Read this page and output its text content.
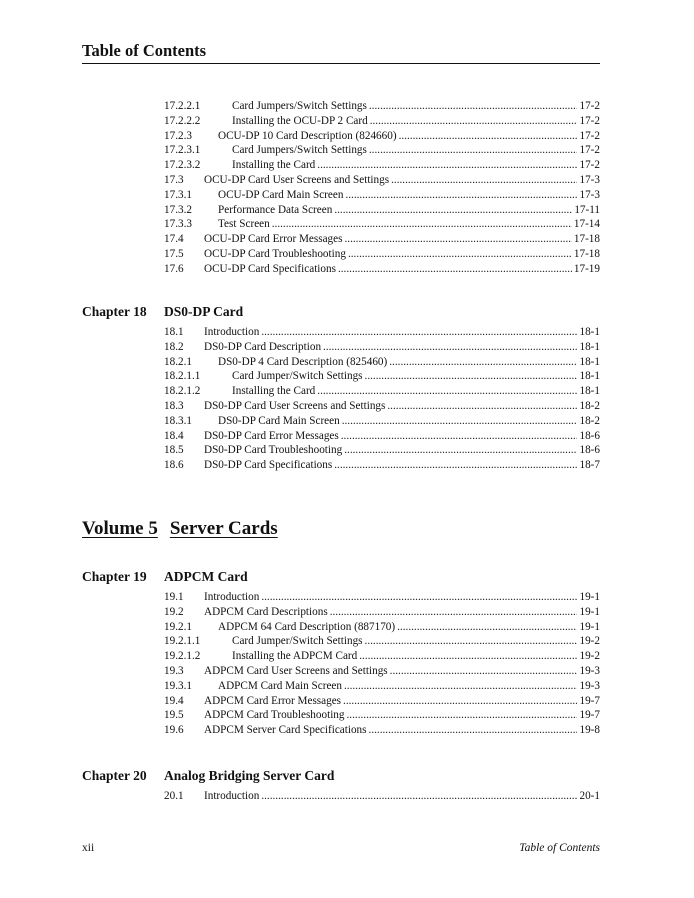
Table of Contents
17.2.2.1	Card Jumpers/Switch Settings .....	17-2
17.2.2.2	Installing the OCU-DP 2 Card .....	17-2
17.2.3	OCU-DP 10 Card Description (824660) .....	17-2
17.2.3.1	Card Jumpers/Switch Settings .....	17-2
17.2.3.2	Installing the Card .....	17-2
17.3	OCU-DP Card User Screens and Settings .....	17-3
17.3.1	OCU-DP Card Main Screen .....	17-3
17.3.2	Performance Data Screen .....	17-11
17.3.3	Test Screen .....	17-14
17.4	OCU-DP Card Error Messages .....	17-18
17.5	OCU-DP Card Troubleshooting .....	17-18
17.6	OCU-DP Card Specifications .....	17-19
Chapter 18 DS0-DP Card
18.1	Introduction .....	18-1
18.2	DS0-DP Card Description .....	18-1
18.2.1	DS0-DP 4 Card Description (825460) .....	18-1
18.2.1.1	Card Jumper/Switch Settings .....	18-1
18.2.1.2	Installing the Card .....	18-1
18.3	DS0-DP Card User Screens and Settings .....	18-2
18.3.1	DS0-DP Card Main Screen .....	18-2
18.4	DS0-DP Card Error Messages .....	18-6
18.5	DS0-DP Card Troubleshooting .....	18-6
18.6	DS0-DP Card Specifications .....	18-7
Volume 5 Server Cards
Chapter 19 ADPCM Card
19.1	Introduction .....	19-1
19.2	ADPCM Card Descriptions .....	19-1
19.2.1	ADPCM 64 Card Description (887170) .....	19-1
19.2.1.1	Card Jumper/Switch Settings .....	19-2
19.2.1.2	Installing the ADPCM Card .....	19-2
19.3	ADPCM Card User Screens and Settings .....	19-3
19.3.1	ADPCM Card Main Screen .....	19-3
19.4	ADPCM Card Error Messages .....	19-7
19.5	ADPCM Card Troubleshooting .....	19-7
19.6	ADPCM Server Card Specifications .....	19-8
Chapter 20 Analog Bridging Server Card
20.1	Introduction .....	20-1
xii	Table of Contents
